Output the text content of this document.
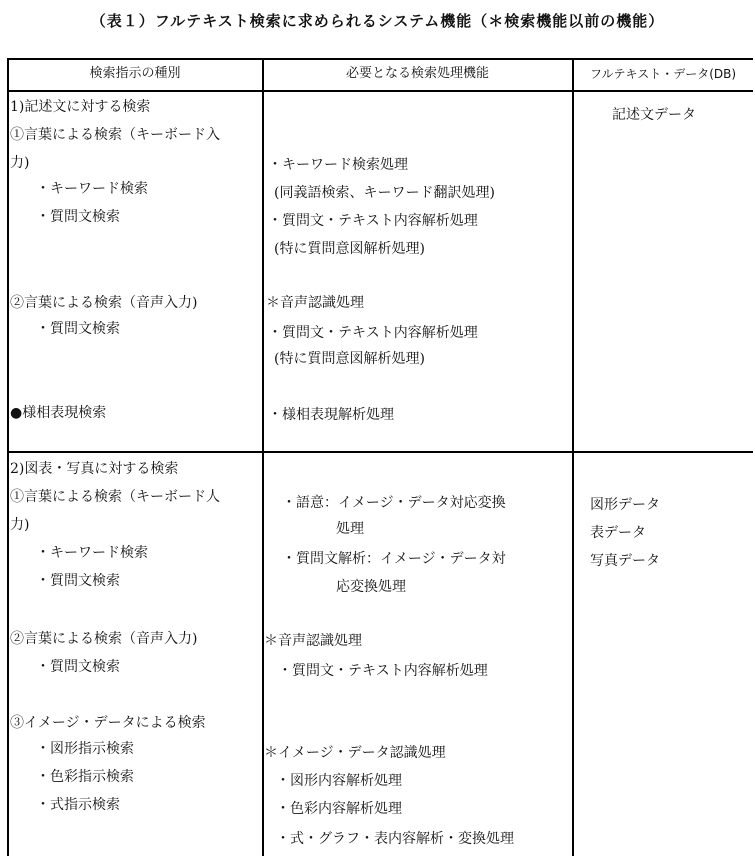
（表１）フルテキスト検索に求められるシステム機能（＊検索機能以前の機能）
検索指示の種別	必要となる検索処理機能	フルテキスト・データ(DB)
1)記述文に対する検索
①言葉による検索（キーボード入
力)
・キーワード検索
・質問文検索
②言葉による検索（音声入力)
・質問文検索
●様相表現検索
・キーワード検索処理
(同義語検索、キーワード翻訳処理)
・質問文・テキスト内容解析処理
(特に質問意図解析処理)
＊音声認識処理
・質問文・テキスト内容解析処理
(特に質問意図解析処理)
・様相表現解析処理
記述文データ
2)図表・写真に対する検索
①言葉による検索（キーボード人
力)
・キーワード検索
・質問文検索
②言葉による検索（音声入力)
・質問文検索
③イメージ・データによる検索
・図形指示検索
・色彩指示検索
・式指示検索
・語意：イメージ・データ対応変換
処理
・質問文解析：イメージ・データ対
応変換処理
＊音声認識処理
・質問文・テキスト内容解析処理
＊イメージ・データ認識処理
・図形内容解析処理
・色彩内容解析処理
・式・グラフ・表内容解析・変換処理
図形データ
表データ
写真データ
